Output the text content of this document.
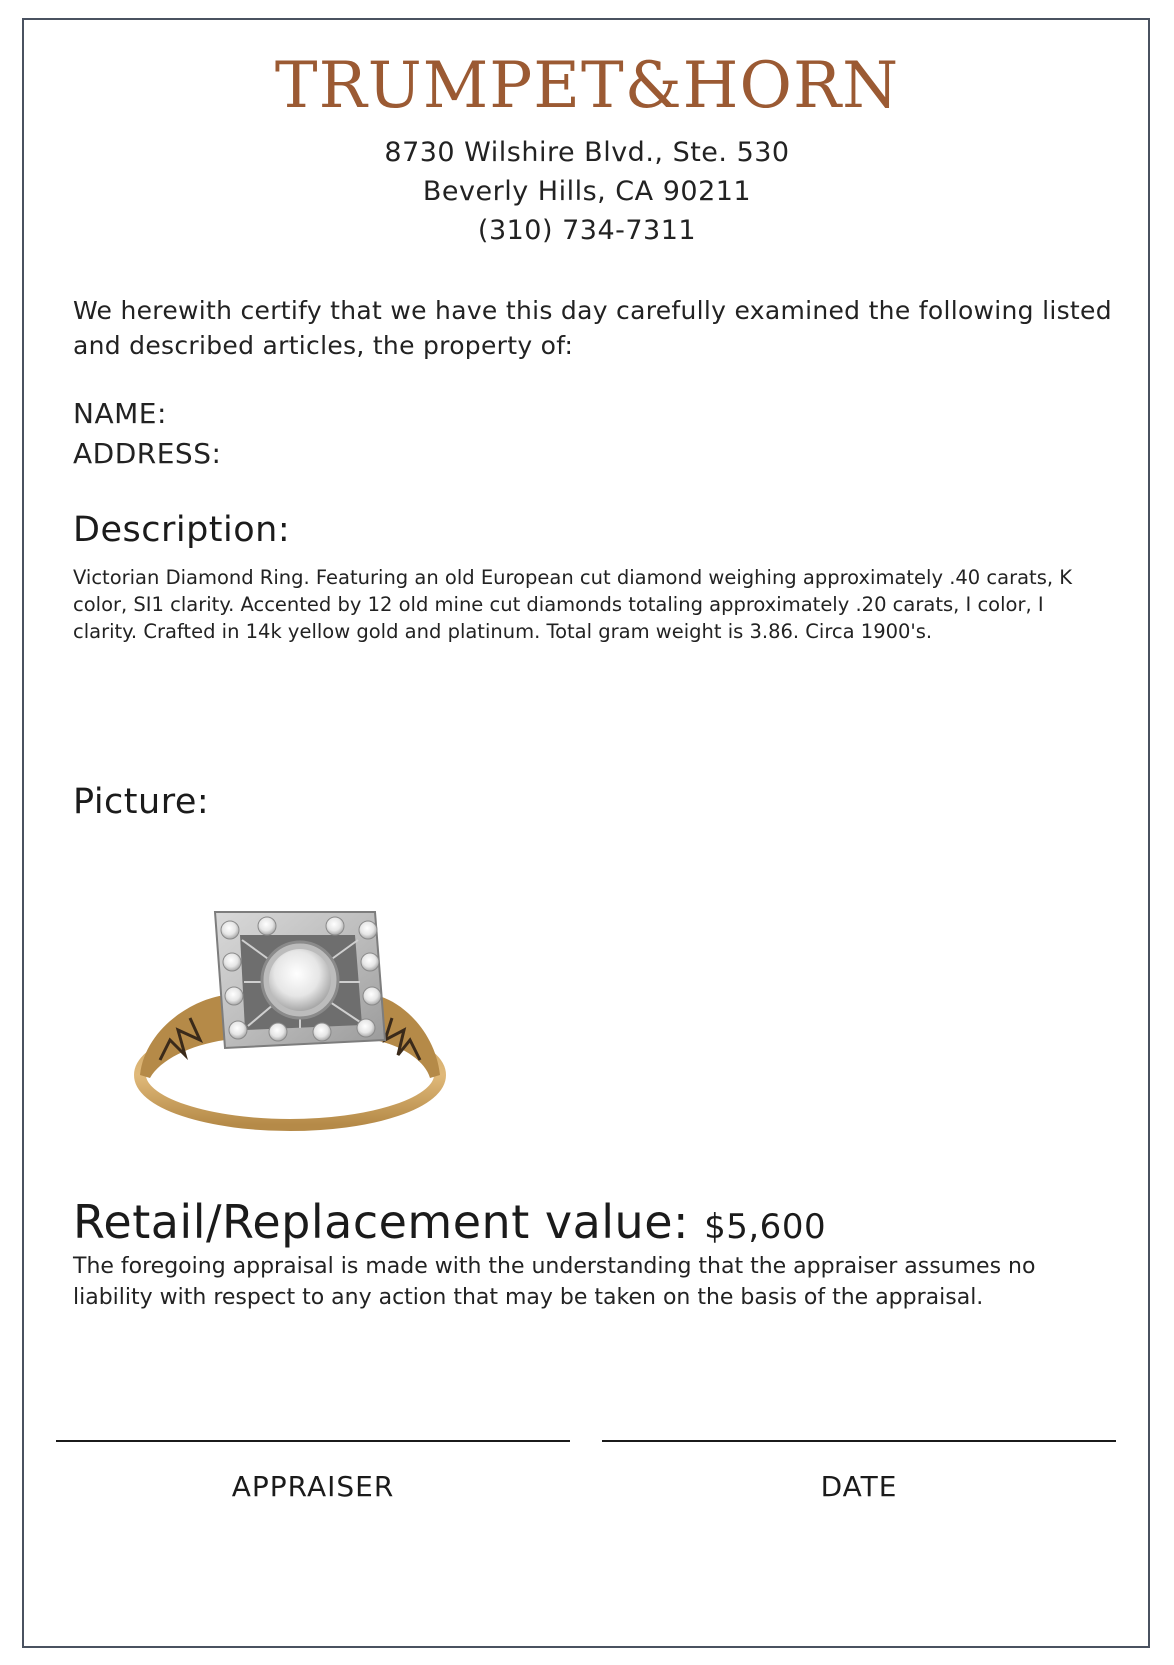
TRUMPET&HORN
8730 Wilshire Blvd., Ste. 530
Beverly Hills, CA 90211
(310) 734-7311
We herewith certify that we have this day carefully examined the following listed and described articles, the property of:
NAME:
ADDRESS:
Description:
Victorian Diamond Ring. Featuring an old European cut diamond weighing approximately .40 carats, K color, SI1 clarity. Accented by 12 old mine cut diamonds totaling approximately .20 carats, I color, I clarity. Crafted in 14k yellow gold and platinum. Total gram weight is 3.86. Circa 1900's.
Picture:
Retail/Replacement value: $5,600
The foregoing appraisal is made with the understanding that the appraiser assumes no liability with respect to any action that may be taken on the basis of the appraisal.
APPRAISER	DATE
